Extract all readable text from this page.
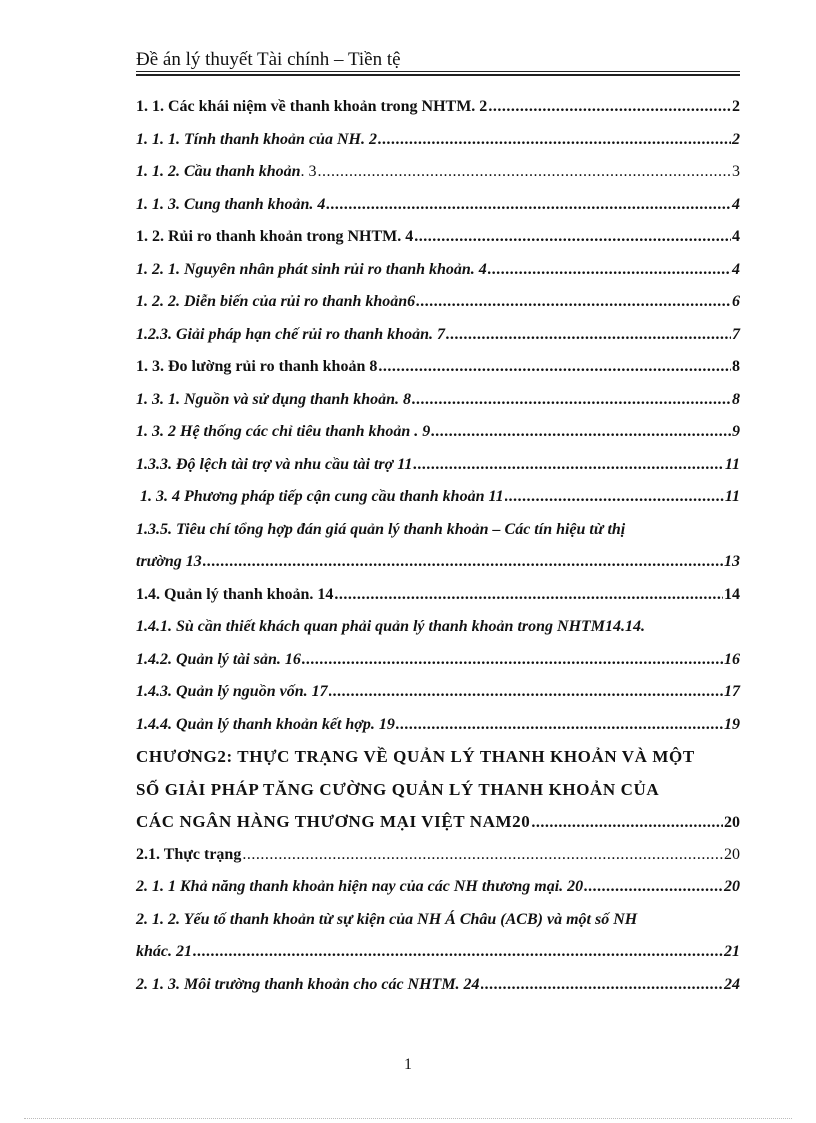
Đề án lý thuyết Tài chính – Tiền tệ
1. 1. Các khái niệm về thanh khoản trong NHTM. 2 .....	2
1. 1. 1. Tính thanh khoản của NH. 2 .....	2
1. 1. 2. Cầu thanh khoản . 3 .....	3
1. 1. 3. Cung thanh khoản. 4 .....	4
1. 2. Rủi ro thanh khoản trong NHTM. 4 .....	4
1. 2. 1. Nguyên nhân phát sinh rủi ro thanh khoản. 4 .....	4
1. 2. 2. Diễn biến của rủi ro thanh khoản6 .....	6
1.2.3. Giải pháp hạn chế rủi ro thanh khoản. 7 .....	7
1. 3. Đo lường rủi ro thanh khoản 8 .....	8
1. 3. 1. Nguồn và sử dụng thanh khoản. 8 .....	8
1. 3. 2 Hệ thống các chỉ tiêu thanh khoản . 9 .....	9
1.3.3. Độ lệch tài trợ và nhu cầu tài trợ 11 .....	11
1. 3. 4 Phương pháp tiếp cận cung cầu thanh khoản 11 .....	11
1.3.5. Tiêu chí tổng hợp đán giá quản lý thanh khoản – Các tín hiệu từ thị
trường 13 .....	13
1.4. Quản lý thanh khoản. 14 .....	14
1.4.1. Sù cần thiết khách quan phải quản lý thanh khoản trong NHTM14.14.
1.4.2. Quản lý tài sản. 16 .....	16
1.4.3. Quản lý nguồn vốn. 17 .....	17
1.4.4. Quản lý thanh khoản kết hợp. 19 .....	19
CHƯƠNG2: THỰC TRẠNG VỀ QUẢN LÝ THANH KHOẢN VÀ MỘT
SỐ GIẢI PHÁP TĂNG CƯỜNG QUẢN LÝ THANH KHOẢN CỦA
CÁC NGÂN HÀNG THƯƠNG MẠI VIỆT NAM20 .....	20
2.1. Thực trạng .....	20
2. 1. 1 Khả năng thanh khoản hiện nay của các NH thương mại. 20 .....	20
2. 1. 2. Yếu tố thanh khoản từ sự kiện của NH Á Châu (ACB) và một số NH
khác. 21 .....	21
2. 1. 3. Môi trường thanh khoản cho các NHTM. 24 .....	24
1
